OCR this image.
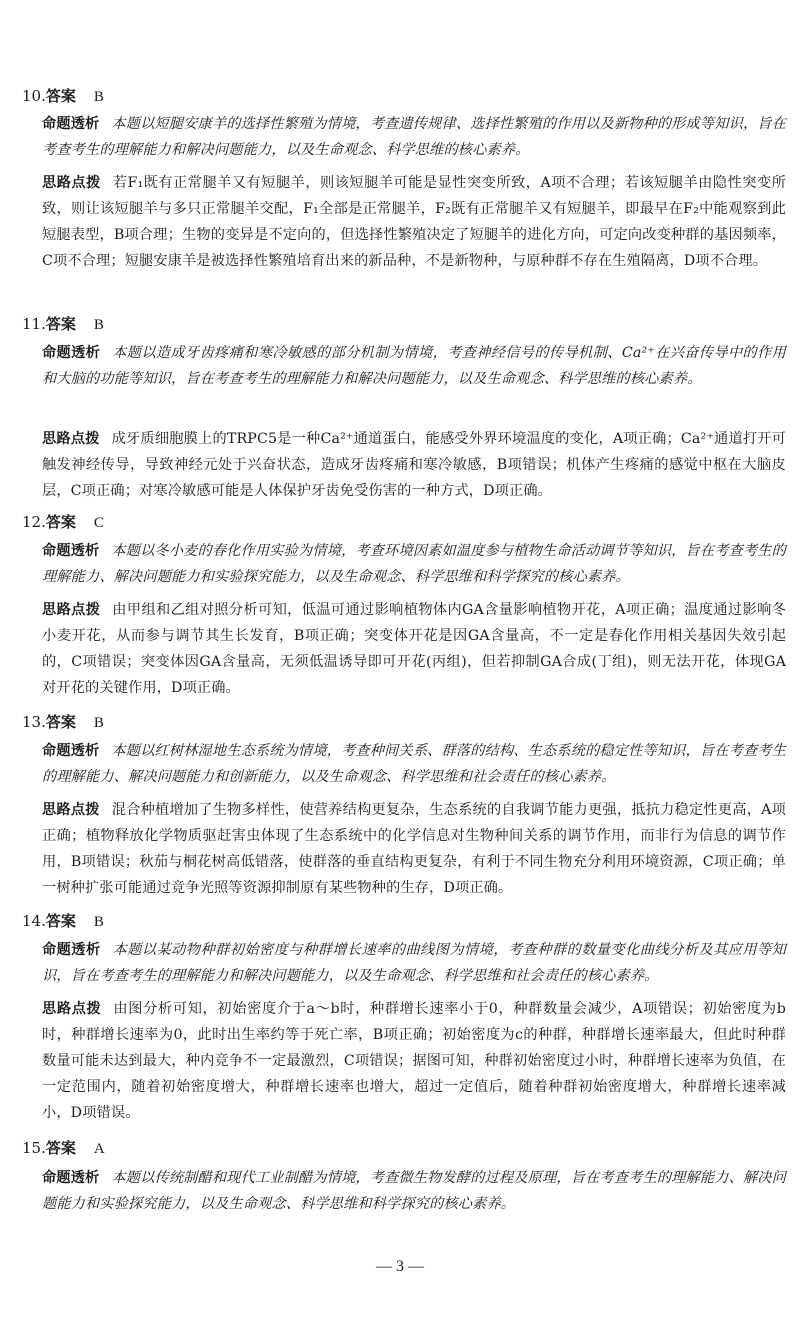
10.答案 B
命题透析 本题以短腿安康羊的选择性繁殖为情境，考查遗传规律、选择性繁殖的作用以及新物种的形成等知识，旨在考查考生的理解能力和解决问题能力，以及生命观念、科学思维的核心素养。
思路点拨 若F₁既有正常腿羊又有短腿羊，则该短腿羊可能是显性突变所致，A项不合理；若该短腿羊由隐性突变所致，则让该短腿羊与多只正常腿羊交配，F₁全部是正常腿羊，F₂既有正常腿羊又有短腿羊，即最早在F₂中能观察到此短腿表型，B项合理；生物的变异是不定向的，但选择性繁殖决定了短腿羊的进化方向，可定向改变种群的基因频率，C项不合理；短腿安康羊是被选择性繁殖培育出来的新品种，不是新物种，与原种群不存在生殖隔离，D项不合理。
11.答案 B
命题透析 本题以造成牙齿疼痛和寒冷敏感的部分机制为情境，考查神经信号的传导机制、Ca²⁺在兴奋传导中的作用和大脑的功能等知识，旨在考查考生的理解能力和解决问题能力，以及生命观念、科学思维的核心素养。
思路点拨 成牙质细胞膜上的TRPC5是一种Ca²⁺通道蛋白，能感受外界环境温度的变化，A项正确；Ca²⁺通道打开可触发神经传导，导致神经元处于兴奋状态，造成牙齿疼痛和寒冷敏感，B项错误；机体产生疼痛的感觉中枢在大脑皮层，C项正确；对寒冷敏感可能是人体保护牙齿免受伤害的一种方式，D项正确。
12.答案 C
命题透析 本题以冬小麦的春化作用实验为情境，考查环境因素如温度参与植物生命活动调节等知识，旨在考查考生的理解能力、解决问题能力和实验探究能力，以及生命观念、科学思维和科学探究的核心素养。
思路点拨 由甲组和乙组对照分析可知，低温可通过影响植物体内GA含量影响植物开花，A项正确；温度通过影响冬小麦开花，从而参与调节其生长发育，B项正确；突变体开花是因GA含量高，不一定是春化作用相关基因失效引起的，C项错误；突变体因GA含量高，无须低温诱导即可开花(丙组)，但若抑制GA合成(丁组)，则无法开花，体现GA对开花的关键作用，D项正确。
13.答案 B
命题透析 本题以红树林湿地生态系统为情境，考查种间关系、群落的结构、生态系统的稳定性等知识，旨在考查考生的理解能力、解决问题能力和创新能力，以及生命观念、科学思维和社会责任的核心素养。
思路点拨 混合种植增加了生物多样性，使营养结构更复杂，生态系统的自我调节能力更强，抵抗力稳定性更高，A项正确；植物释放化学物质驱赶害虫体现了生态系统中的化学信息对生物种间关系的调节作用，而非行为信息的调节作用，B项错误；秋茄与桐花树高低错落，使群落的垂直结构更复杂，有利于不同生物充分利用环境资源，C项正确；单一树种扩张可能通过竞争光照等资源抑制原有某些物种的生存，D项正确。
14.答案 B
命题透析 本题以某动物种群初始密度与种群增长速率的曲线图为情境，考查种群的数量变化曲线分析及其应用等知识，旨在考查考生的理解能力和解决问题能力，以及生命观念、科学思维和社会责任的核心素养。
思路点拨 由图分析可知，初始密度介于a～b时，种群增长速率小于0，种群数量会减少，A项错误；初始密度为b时，种群增长速率为0，此时出生率约等于死亡率，B项正确；初始密度为c的种群，种群增长速率最大，但此时种群数量可能未达到最大，种内竞争不一定最激烈，C项错误；据图可知，种群初始密度过小时，种群增长速率为负值，在一定范围内，随着初始密度增大，种群增长速率也增大，超过一定值后，随着种群初始密度增大，种群增长速率减小，D项错误。
15.答案 A
命题透析 本题以传统制醋和现代工业制醋为情境，考查微生物发酵的过程及原理，旨在考查考生的理解能力、解决问题能力和实验探究能力，以及生命观念、科学思维和科学探究的核心素养。
— 3 —
